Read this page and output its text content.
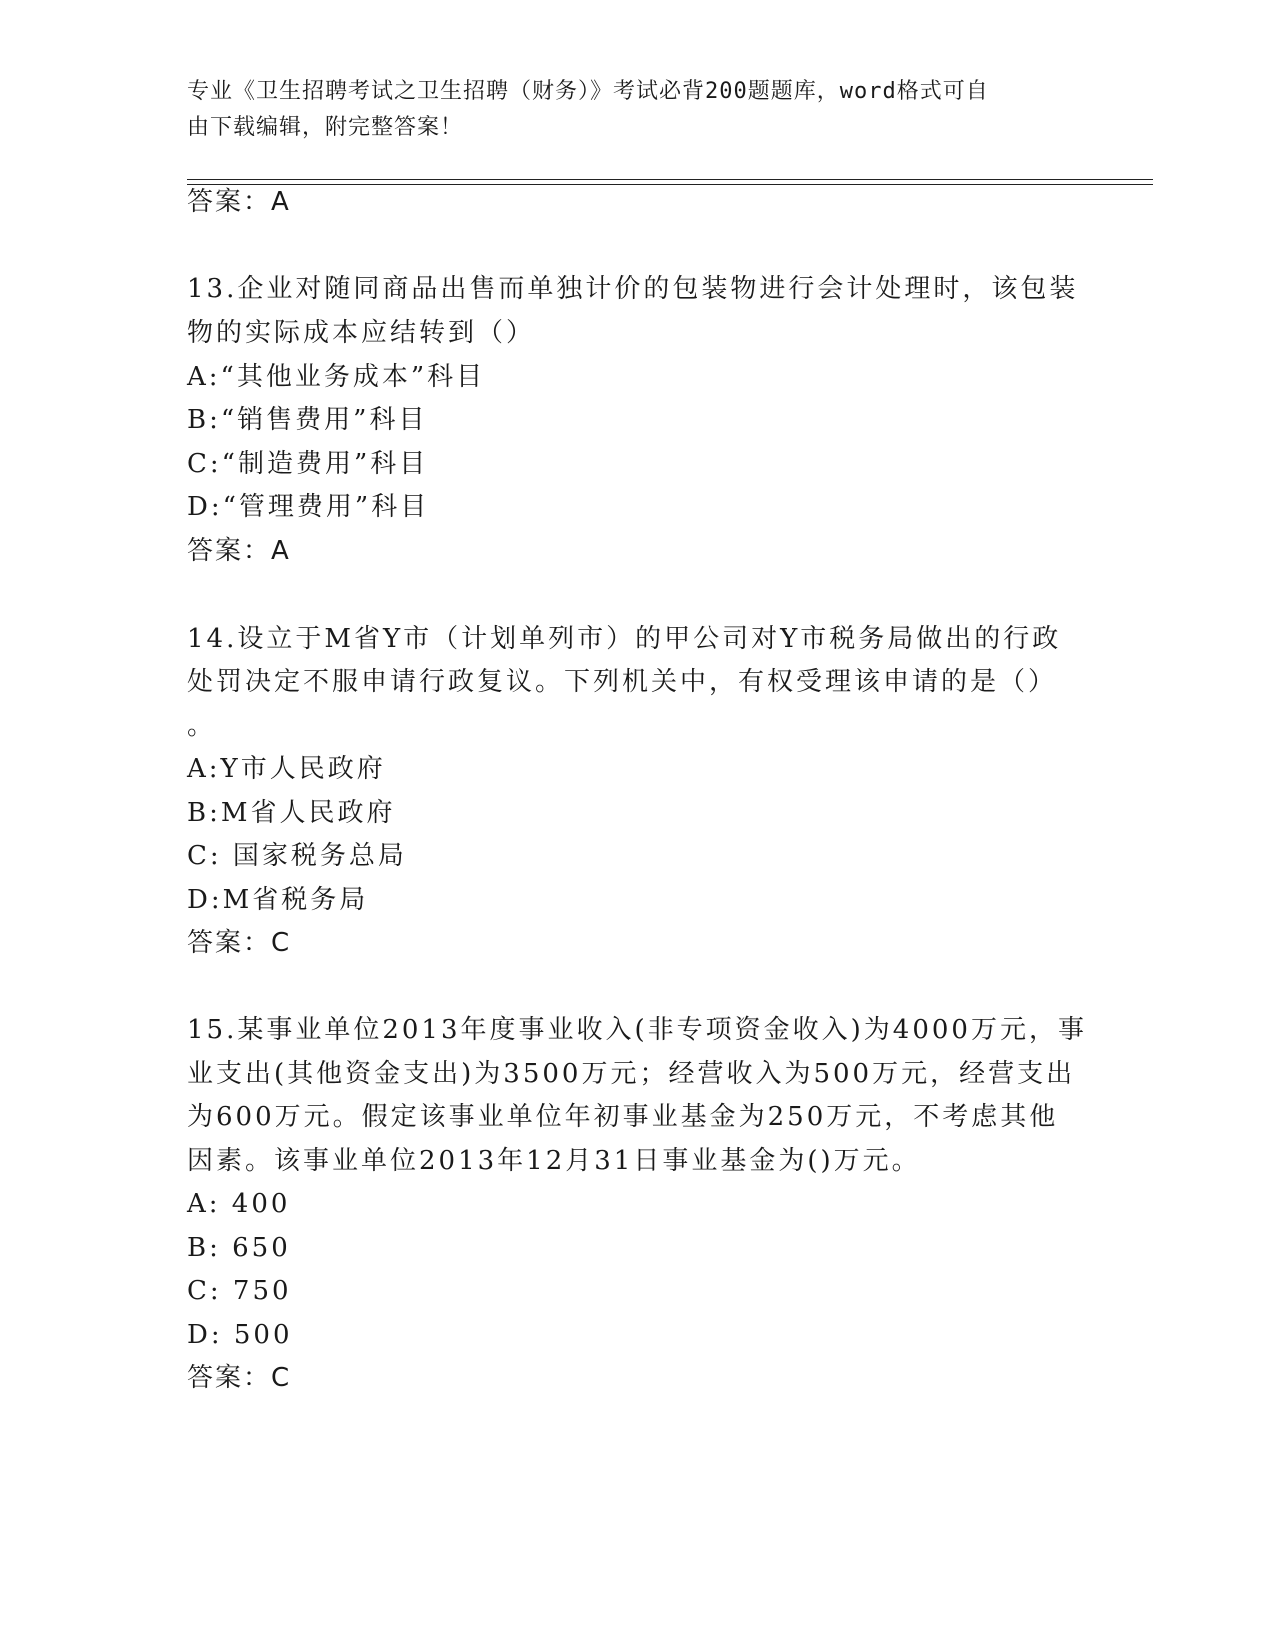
专业《卫生招聘考试之卫生招聘（财务）》考试必背200题题库，word格式可自
由下载编辑，附完整答案！
答案：A
13.企业对随同商品出售而单独计价的包装物进行会计处理时，该包装
物的实际成本应结转到（）
A:“其他业务成本”科目
B:“销售费用”科目
C:“制造费用”科目
D:“管理费用”科目
答案：A
14.设立于M省Y市（计划单列市）的甲公司对Y市税务局做出的行政
处罚决定不服申请行政复议。下列机关中，有权受理该申请的是（）
。
A:Y市人民政府
B:M省人民政府
C: 国家税务总局
D:M省税务局
答案：C
15.某事业单位2013年度事业收入(非专项资金收入)为4000万元，事
业支出(其他资金支出)为3500万元；经营收入为500万元，经营支出
为600万元。假定该事业单位年初事业基金为250万元，不考虑其他
因素。该事业单位2013年12月31日事业基金为()万元。
A: 400
B: 650
C: 750
D: 500
答案：C
